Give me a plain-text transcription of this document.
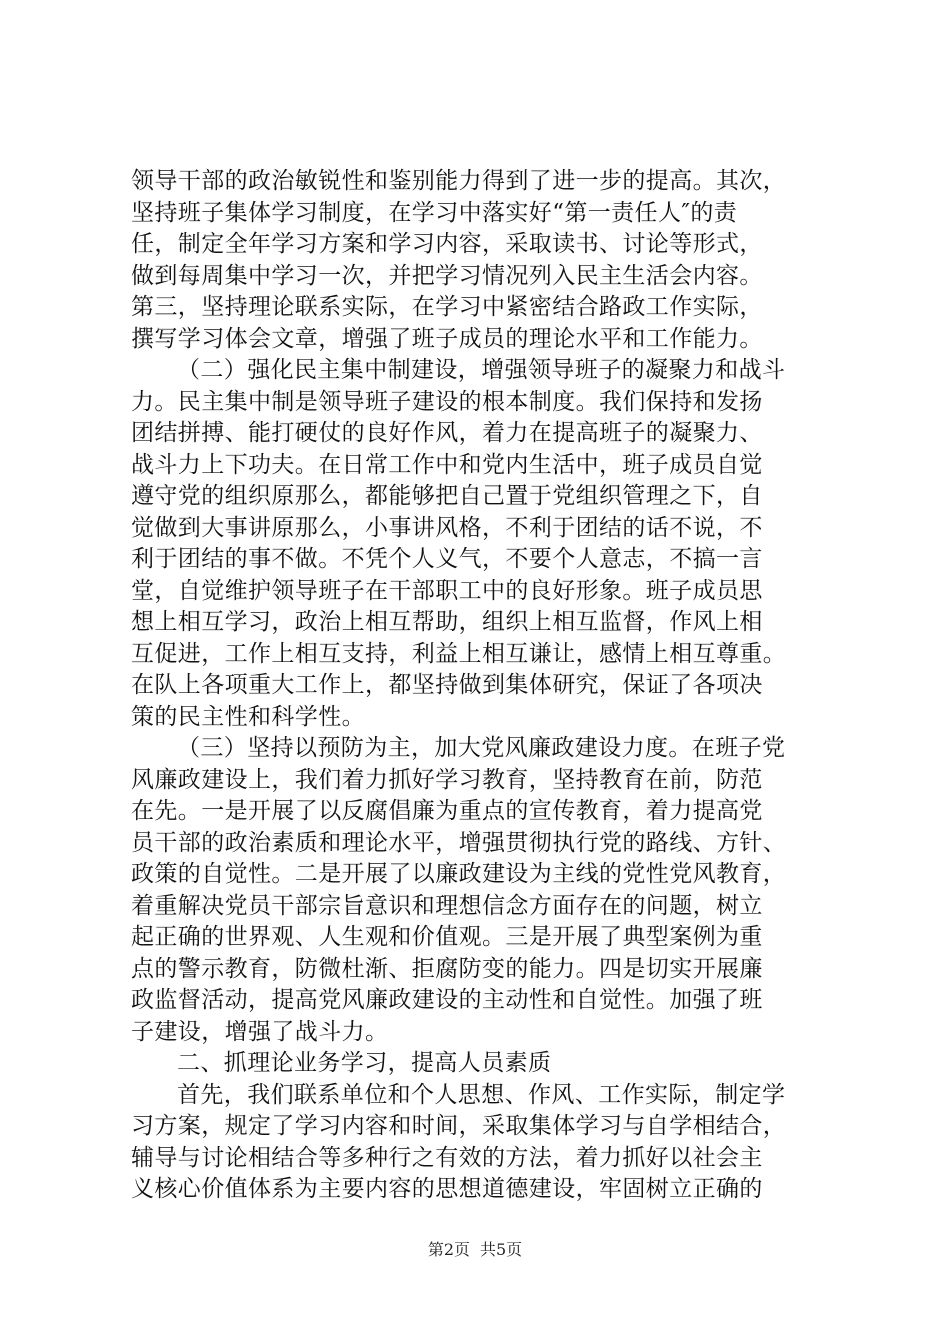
领导干部的政治敏锐性和鉴别能力得到了进一步的提高。其次，
坚持班子集体学习制度，在学习中落实好“第一责任人″的责
任，制定全年学习方案和学习内容，采取读书、讨论等形式，
做到每周集中学习一次，并把学习情况列入民主生活会内容。
第三，坚持理论联系实际，在学习中紧密结合路政工作实际，
撰写学习体会文章，增强了班子成员的理论水平和工作能力。
（二）强化民主集中制建设，增强领导班子的凝聚力和战斗
力。民主集中制是领导班子建设的根本制度。我们保持和发扬
团结拼搏、能打硬仗的良好作风，着力在提高班子的凝聚力、
战斗力上下功夫。在日常工作中和党内生活中，班子成员自觉
遵守党的组织原那么，都能够把自己置于党组织管理之下，自
觉做到大事讲原那么，小事讲风格，不利于团结的话不说，不
利于团结的事不做。不凭个人义气，不要个人意志，不搞一言
堂，自觉维护领导班子在干部职工中的良好形象。班子成员思
想上相互学习，政治上相互帮助，组织上相互监督，作风上相
互促进，工作上相互支持，利益上相互谦让，感情上相互尊重。
在队上各项重大工作上，都坚持做到集体研究，保证了各项决
策的民主性和科学性。
（三）坚持以预防为主，加大党风廉政建设力度。在班子党
风廉政建设上，我们着力抓好学习教育，坚持教育在前，防范
在先。一是开展了以反腐倡廉为重点的宣传教育，着力提高党
员干部的政治素质和理论水平，增强贯彻执行党的路线、方针、
政策的自觉性。二是开展了以廉政建设为主线的党性党风教育，
着重解决党员干部宗旨意识和理想信念方面存在的问题，树立
起正确的世界观、人生观和价值观。三是开展了典型案例为重
点的警示教育，防微杜渐、拒腐防变的能力。四是切实开展廉
政监督活动，提高党风廉政建设的主动性和自觉性。加强了班
子建设，增强了战斗力。
二、抓理论业务学习，提高人员素质
首先，我们联系单位和个人思想、作风、工作实际，制定学
习方案，规定了学习内容和时间，采取集体学习与自学相结合，
辅导与讨论相结合等多种行之有效的方法，着力抓好以社会主
义核心价值体系为主要内容的思想道德建设，牢固树立正确的
第2页 共5页
